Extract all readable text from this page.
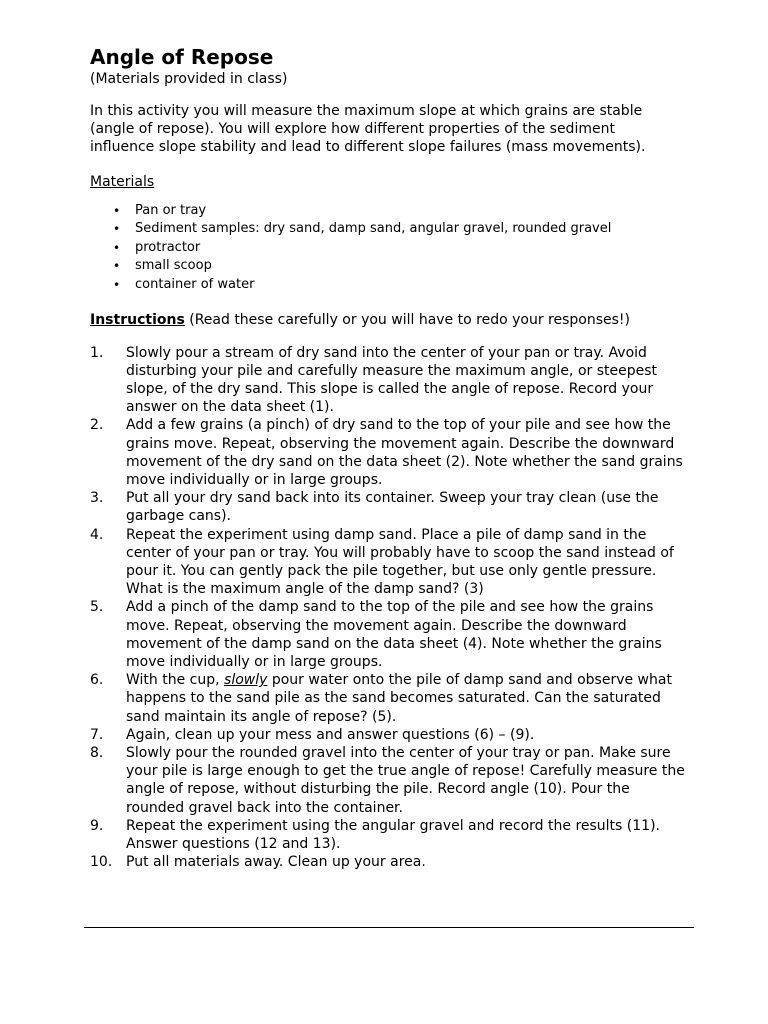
Angle of Repose

(Materials provided in class)

In this activity you will measure the maximum slope at which grains are stable (angle of repose). You will explore how different properties of the sediment influence slope stability and lead to different slope failures (mass movements).

Materials

• Pan or tray
• Sediment samples: dry sand, damp sand, angular gravel, rounded gravel
• protractor
• small scoop
• container of water

Instructions (Read these carefully or you will have to redo your responses!)

1. Slowly pour a stream of dry sand into the center of your pan or tray. Avoid disturbing your pile and carefully measure the maximum angle, or steepest slope, of the dry sand. This slope is called the angle of repose. Record your answer on the data sheet (1).
2. Add a few grains (a pinch) of dry sand to the top of your pile and see how the grains move. Repeat, observing the movement again. Describe the downward movement of the dry sand on the data sheet (2). Note whether the sand grains move individually or in large groups.
3. Put all your dry sand back into its container. Sweep your tray clean (use the garbage cans).
4. Repeat the experiment using damp sand. Place a pile of damp sand in the center of your pan or tray. You will probably have to scoop the sand instead of pour it. You can gently pack the pile together, but use only gentle pressure. What is the maximum angle of the damp sand? (3)
5. Add a pinch of the damp sand to the top of the pile and see how the grains move. Repeat, observing the movement again. Describe the downward movement of the damp sand on the data sheet (4). Note whether the grains move individually or in large groups.
6. With the cup, slowly pour water onto the pile of damp sand and observe what happens to the sand pile as the sand becomes saturated. Can the saturated sand maintain its angle of repose? (5).
7. Again, clean up your mess and answer questions (6) – (9).
8. Slowly pour the rounded gravel into the center of your tray or pan. Make sure your pile is large enough to get the true angle of repose! Carefully measure the angle of repose, without disturbing the pile. Record angle (10). Pour the rounded gravel back into the container.
9. Repeat the experiment using the angular gravel and record the results (11). Answer questions (12 and 13).
10. Put all materials away. Clean up your area.
